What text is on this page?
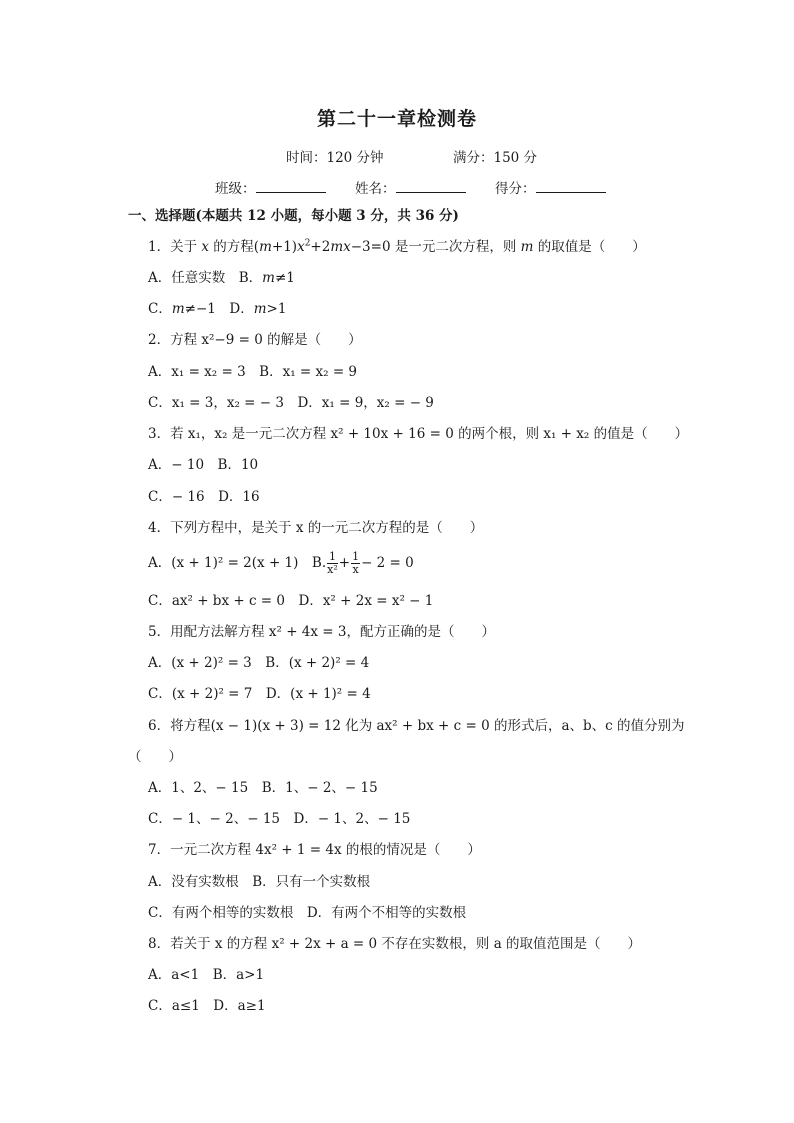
第二十一章检测卷
时间：120 分钟	满分：150 分
班级：	姓名：	得分：
一、选择题(本题共 12 小题，每小题 3 分，共 36 分)
1．关于 x 的方程$(m+1)x^2+2mx-3=0$ 是一元二次方程，则 m 的取值是（　　）
A．任意实数　B．m≠1
C．m≠−1　D．m>1
2．方程 x²−9 = 0 的解是（　　）
A．x₁ = x₂ = 3　B．x₁ = x₂ = 9
C．x₁ = 3，x₂ = − 3　D．x₁ = 9，x₂ = − 9
3．若 x₁，x₂ 是一元二次方程 x² + 10x + 16 = 0 的两个根，则 x₁ + x₂ 的值是（　　）
A．− 10　B．10
C．− 16　D．16
4．下列方程中，是关于 x 的一元二次方程的是（　　）
A．(x + 1)² = 2(x + 1)　B. $\frac{1}{\text{x²}} + \frac{1}{x} - 2 = 0$
C．ax² + bx + c = 0　D．x² + 2x = x² − 1
5．用配方法解方程 x² + 4x = 3，配方正确的是（　　）
A．(x + 2)² = 3　B．(x + 2)² = 4
C．(x + 2)² = 7　D．(x + 1)² = 4
6．将方程(x − 1)(x + 3) = 12 化为 ax² + bx + c = 0 的形式后，a、b、c 的值分别为
（　　）
A．1、2、− 15　B．1、− 2、− 15
C．− 1、− 2、− 15　D．− 1、2、− 15
7．一元二次方程 4x² + 1 = 4x 的根的情况是（　　）
A．没有实数根　B．只有一个实数根
C．有两个相等的实数根　D．有两个不相等的实数根
8．若关于 x 的方程 x² + 2x + a = 0 不存在实数根，则 a 的取值范围是（　　）
A．a<1　B．a>1
C．a≤1　D．a≥1
